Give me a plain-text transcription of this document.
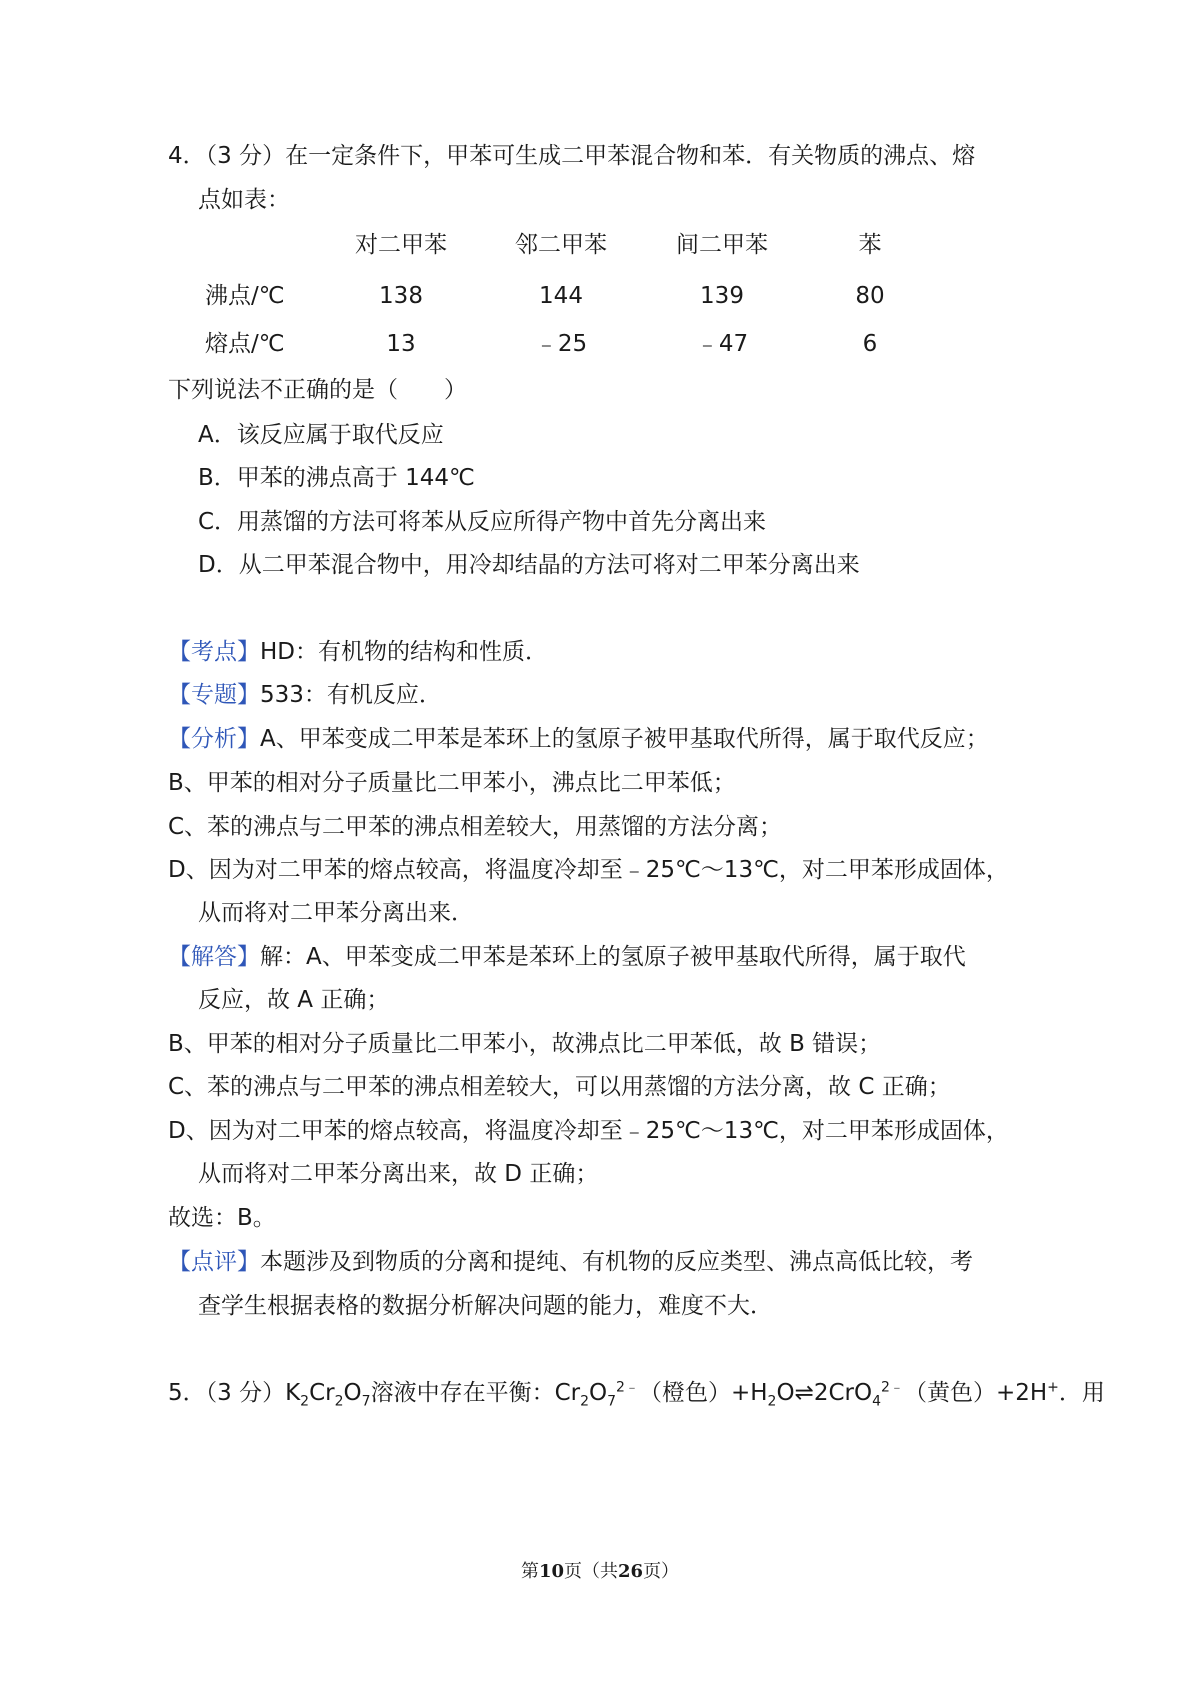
4．（3 分）在一定条件下，甲苯可生成二甲苯混合物和苯．有关物质的沸点、熔
点如表：
对二甲苯	邻二甲苯	间二甲苯	苯
沸点/℃	138	144	139	80
熔点/℃	13	﹣25	﹣47	6
下列说法不正确的是（　　）
A．该反应属于取代反应
B．甲苯的沸点高于 144℃
C．用蒸馏的方法可将苯从反应所得产物中首先分离出来
D．从二甲苯混合物中，用冷却结晶的方法可将对二甲苯分离出来
【考点】HD：有机物的结构和性质．
【专题】533：有机反应．
【分析】A、甲苯变成二甲苯是苯环上的氢原子被甲基取代所得，属于取代反应；
B、甲苯的相对分子质量比二甲苯小，沸点比二甲苯低；
C、苯的沸点与二甲苯的沸点相差较大，用蒸馏的方法分离；
D、因为对二甲苯的熔点较高，将温度冷却至﹣25℃～13℃，对二甲苯形成固体，
从而将对二甲苯分离出来．
【解答】解：A、甲苯变成二甲苯是苯环上的氢原子被甲基取代所得，属于取代
反应，故 A 正确；
B、甲苯的相对分子质量比二甲苯小，故沸点比二甲苯低，故 B 错误；
C、苯的沸点与二甲苯的沸点相差较大，可以用蒸馏的方法分离，故 C 正确；
D、因为对二甲苯的熔点较高，将温度冷却至﹣25℃～13℃，对二甲苯形成固体，
从而将对二甲苯分离出来，故 D 正确；
故选：B。
【点评】本题涉及到物质的分离和提纯、有机物的反应类型、沸点高低比较，考
查学生根据表格的数据分析解决问题的能力，难度不大．
5．（3 分）$K_2Cr_2O_7$溶液中存在平衡：$Cr_2O_7^{2﹣}$（橙色）$+H_2O\rightleftharpoons 2CrO_4^{2﹣}$（黄色）+2H+．用
第10页（共26页）
